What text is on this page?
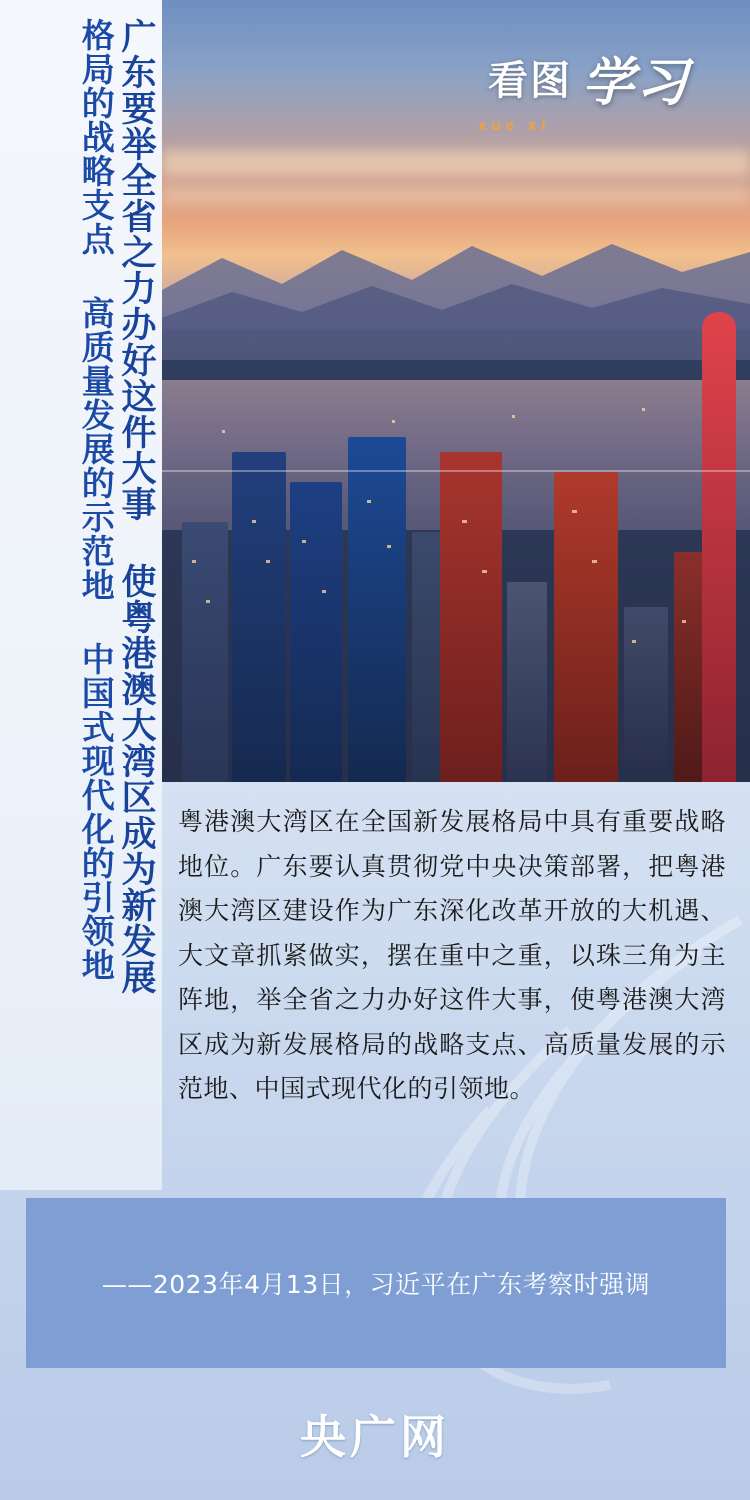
看图 学习
xue xi
广东要举全省之力办好这件大事 使粤港澳大湾区成为新发展
格局的战略支点 高质量发展的示范地 中国式现代化的引领地 粤港澳大湾区在全国新发展格局中具有重要战略地位。广东要认真贯彻党中央决策部署，把粤港澳大湾区建设作为广东深化改革开放的大机遇、大文章抓紧做实，摆在重中之重，以珠三角为主阵地，举全省之力办好这件大事，使粤港澳大湾区成为新发展格局的战略支点、高质量发展的示范地、中国式现代化的引领地。
——2023年4月13日，习近平在广东考察时强调
央广网
